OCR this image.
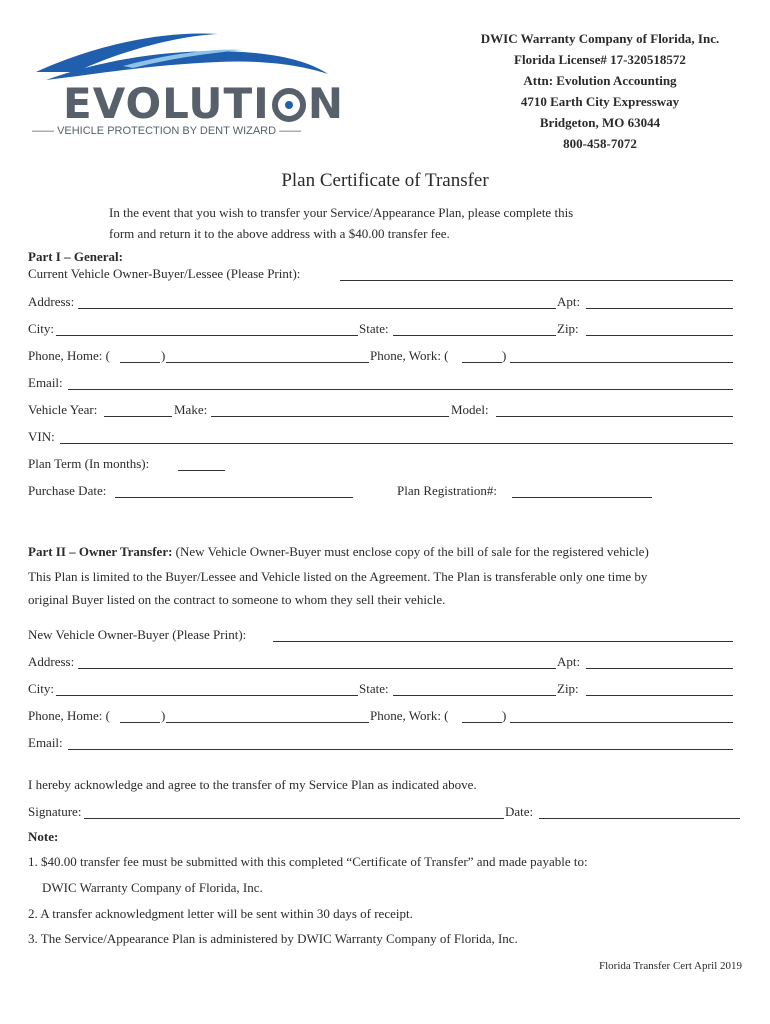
EVOLUTI N
—— VEHICLE PROTECTION BY DENT WIZARD ——
DWIC Warranty Company of Florida, Inc.
Florida License# 17-320518572
Attn: Evolution Accounting
4710 Earth City Expressway
Bridgeton, MO 63044
800-458-7072
Plan Certificate of Transfer
In the event that you wish to transfer your Service/Appearance Plan, please complete this
form and return it to the above address with a $40.00 transfer fee.
Part I – General:
Current Vehicle Owner-Buyer/Lessee (Please Print):
Address:	Apt:
City:	State:	Zip:
Phone, Home: (	)	Phone, Work: (	)
Email:
Vehicle Year:	Make:	Model:
VIN:
Plan Term (In months):
Purchase Date:	Plan Registration#:
Part II – Owner Transfer: (New Vehicle Owner-Buyer must enclose copy of the bill of sale for the registered vehicle)
This Plan is limited to the Buyer/Lessee and Vehicle listed on the Agreement. The Plan is transferable only one time by
original Buyer listed on the contract to someone to whom they sell their vehicle.
New Vehicle Owner-Buyer (Please Print):
Address:	Apt:
City:	State:	Zip:
Phone, Home: (	)	Phone, Work: (	)
Email:
I hereby acknowledge and agree to the transfer of my Service Plan as indicated above.
Signature:	Date:
Note:
1. $40.00 transfer fee must be submitted with this completed “Certificate of Transfer” and made payable to:
DWIC Warranty Company of Florida, Inc.
2. A transfer acknowledgment letter will be sent within 30 days of receipt.
3. The Service/Appearance Plan is administered by DWIC Warranty Company of Florida, Inc.
Florida Transfer Cert April 2019
